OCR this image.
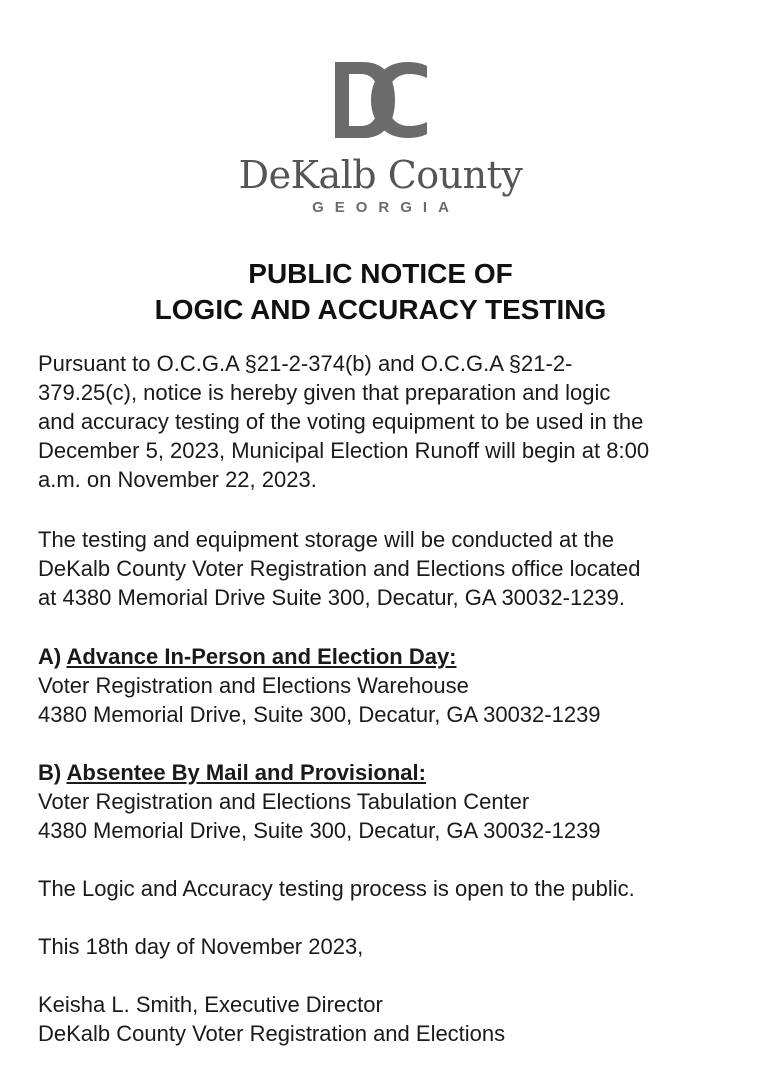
DeKalb County
GEORGIA
PUBLIC NOTICE OF
LOGIC AND ACCURACY TESTING

Pursuant to O.C.G.A §21-2-374(b) and O.C.G.A §21-2-
379.25(c), notice is hereby given that preparation and logic
and accuracy testing of the voting equipment to be used in the
December 5, 2023, Municipal Election Runoff will begin at 8:00
a.m. on November 22, 2023.

The testing and equipment storage will be conducted at the
DeKalb County Voter Registration and Elections office located
at 4380 Memorial Drive Suite 300, Decatur, GA 30032-1239.

A) Advance In-Person and Election Day:
Voter Registration and Elections Warehouse
4380 Memorial Drive, Suite 300, Decatur, GA 30032-1239

B) Absentee By Mail and Provisional:
Voter Registration and Elections Tabulation Center
4380 Memorial Drive, Suite 300, Decatur, GA 30032-1239

The Logic and Accuracy testing process is open to the public.

This 18th day of November 2023,

Keisha L. Smith, Executive Director
DeKalb County Voter Registration and Elections
